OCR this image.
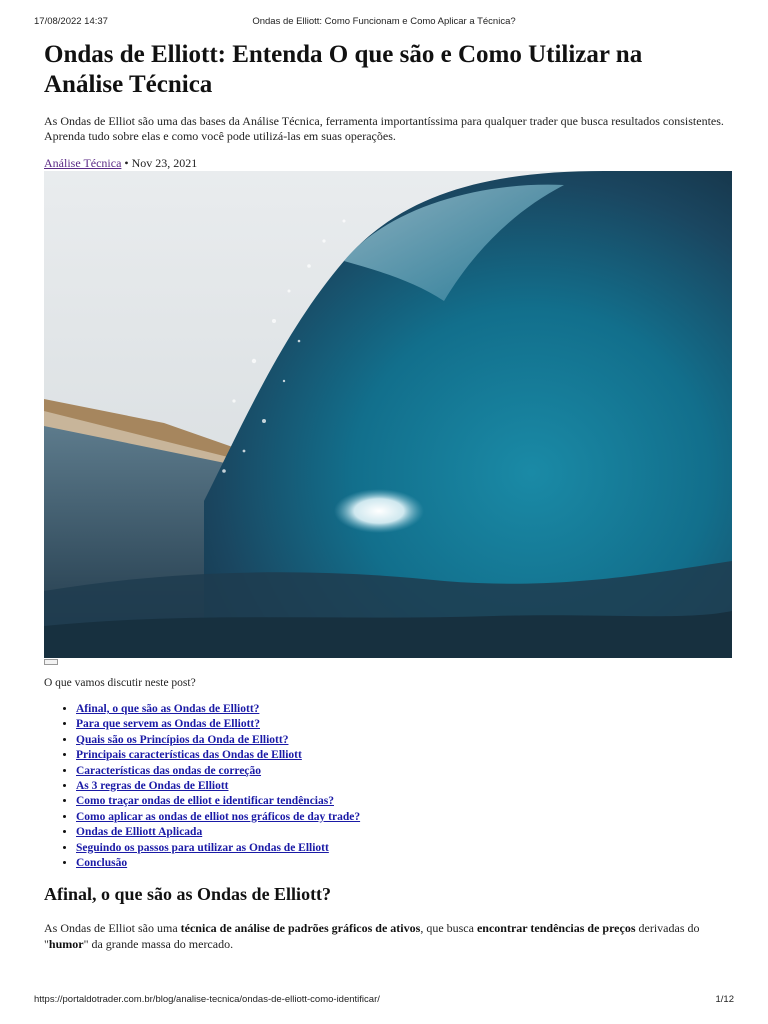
17/08/2022 14:37	Ondas de Elliott: Como Funcionam e Como Aplicar a Técnica?
Ondas de Elliott: Entenda O que são e Como Utilizar na Análise Técnica

As Ondas de Elliot são uma das bases da Análise Técnica, ferramenta importantíssima para qualquer trader que busca resultados consistentes. Aprenda tudo sobre elas e como você pode utilizá-las em suas operações.

Análise Técnica • Nov 23, 2021
O que vamos discutir neste post?
• Afinal, o que são as Ondas de Elliott?
• Para que servem as Ondas de Elliott?
• Quais são os Princípios da Onda de Elliott?
• Principais características das Ondas de Elliott
• Características das ondas de correção
• As 3 regras de Ondas de Elliott
• Como traçar ondas de elliot e identificar tendências?
• Como aplicar as ondas de elliot nos gráficos de day trade?
• Ondas de Elliott Aplicada
• Seguindo os passos para utilizar as Ondas de Elliott
• Conclusão
Afinal, o que são as Ondas de Elliott?

As Ondas de Elliot são uma técnica de análise de padrões gráficos de ativos, que busca encontrar tendências de preços derivadas do "humor" da grande massa do mercado.

https://portaldotrader.com.br/blog/analise-tecnica/ondas-de-elliott-como-identificar/	1/12
